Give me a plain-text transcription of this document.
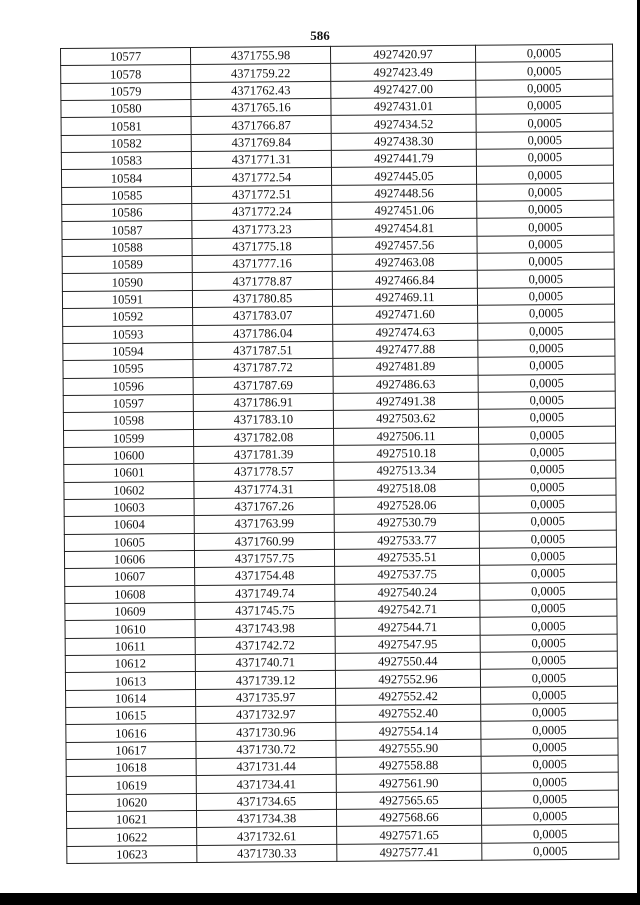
586
10577	4371755.98	4927420.97	0,0005
10578	4371759.22	4927423.49	0,0005
10579	4371762.43	4927427.00	0,0005
10580	4371765.16	4927431.01	0,0005
10581	4371766.87	4927434.52	0,0005
10582	4371769.84	4927438.30	0,0005
10583	4371771.31	4927441.79	0,0005
10584	4371772.54	4927445.05	0,0005
10585	4371772.51	4927448.56	0,0005
10586	4371772.24	4927451.06	0,0005
10587	4371773.23	4927454.81	0,0005
10588	4371775.18	4927457.56	0,0005
10589	4371777.16	4927463.08	0,0005
10590	4371778.87	4927466.84	0,0005
10591	4371780.85	4927469.11	0,0005
10592	4371783.07	4927471.60	0,0005
10593	4371786.04	4927474.63	0,0005
10594	4371787.51	4927477.88	0,0005
10595	4371787.72	4927481.89	0,0005
10596	4371787.69	4927486.63	0,0005
10597	4371786.91	4927491.38	0,0005
10598	4371783.10	4927503.62	0,0005
10599	4371782.08	4927506.11	0,0005
10600	4371781.39	4927510.18	0,0005
10601	4371778.57	4927513.34	0,0005
10602	4371774.31	4927518.08	0,0005
10603	4371767.26	4927528.06	0,0005
10604	4371763.99	4927530.79	0,0005
10605	4371760.99	4927533.77	0,0005
10606	4371757.75	4927535.51	0,0005
10607	4371754.48	4927537.75	0,0005
10608	4371749.74	4927540.24	0,0005
10609	4371745.75	4927542.71	0,0005
10610	4371743.98	4927544.71	0,0005
10611	4371742.72	4927547.95	0,0005
10612	4371740.71	4927550.44	0,0005
10613	4371739.12	4927552.96	0,0005
10614	4371735.97	4927552.42	0,0005
10615	4371732.97	4927552.40	0,0005
10616	4371730.96	4927554.14	0,0005
10617	4371730.72	4927555.90	0,0005
10618	4371731.44	4927558.88	0,0005
10619	4371734.41	4927561.90	0,0005
10620	4371734.65	4927565.65	0,0005
10621	4371734.38	4927568.66	0,0005
10622	4371732.61	4927571.65	0,0005
10623	4371730.33	4927577.41	0,0005
